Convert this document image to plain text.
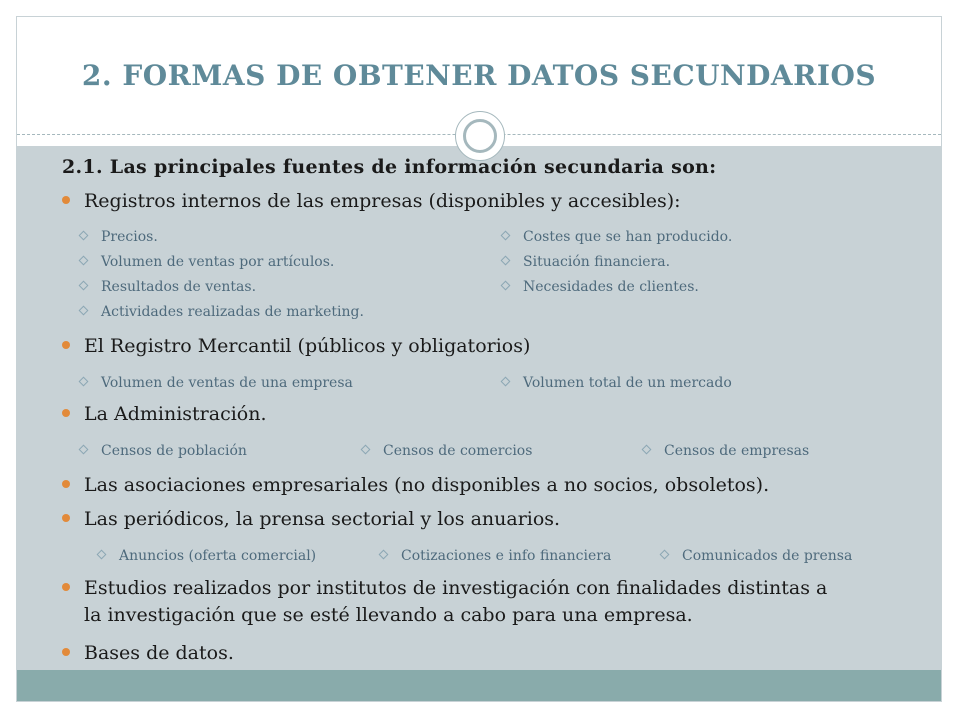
2. FORMAS DE OBTENER DATOS SECUNDARIOS
2.1. Las principales fuentes de información secundaria son:
Registros internos de las empresas (disponibles y accesibles):
Precios.	Costes que se han producido.
Volumen de ventas por artículos.	Situación financiera.
Resultados de ventas.	Necesidades de clientes.
Actividades realizadas de marketing.
El Registro Mercantil (públicos y obligatorios)
Volumen de ventas de una empresa	Volumen total de un mercado
La Administración.
Censos de población	Censos de comercios	Censos de empresas
Las asociaciones empresariales (no disponibles a no socios, obsoletos).
Las periódicos, la prensa sectorial y los anuarios.
Anuncios (oferta comercial)	Cotizaciones e info financiera	Comunicados de prensa
Estudios realizados por institutos de investigación con finalidades distintas a
la investigación que se esté llevando a cabo para una empresa.
Bases de datos.
